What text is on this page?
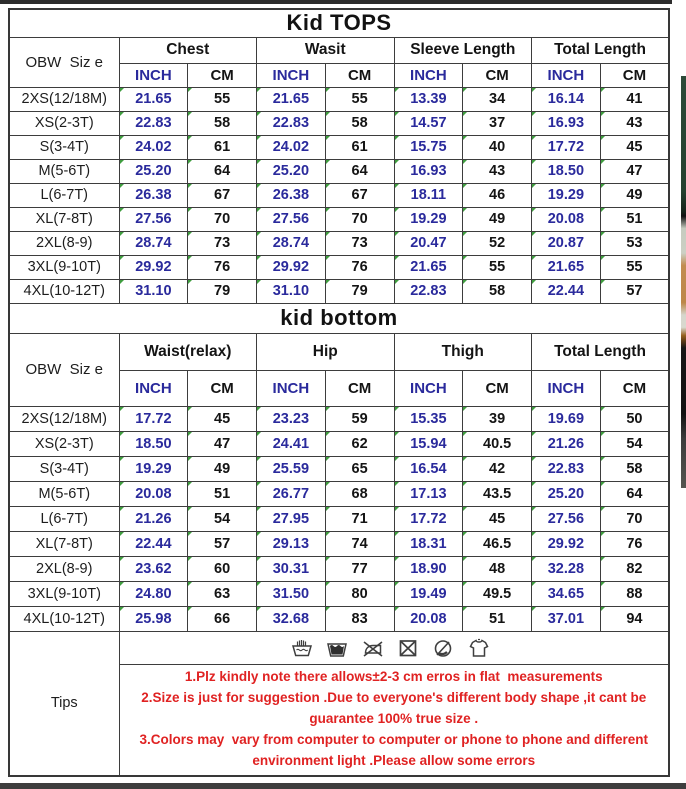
Kid TOPS								
OBW  Siz e	Chest		Wasit		Sleeve Length		Total Length	
	INCH	CM	INCH	CM	INCH	CM	INCH	CM
2XS(12/18M)	21.65	55	21.65	55	13.39	34	16.14	41
XS(2-3T)	22.83	58	22.83	58	14.57	37	16.93	43
S(3-4T)	24.02	61	24.02	61	15.75	40	17.72	45
M(5-6T)	25.20	64	25.20	64	16.93	43	18.50	47
L(6-7T)	26.38	67	26.38	67	18.11	46	19.29	49
XL(7-8T)	27.56	70	27.56	70	19.29	49	20.08	51
2XL(8-9)	28.74	73	28.74	73	20.47	52	20.87	53
3XL(9-10T)	29.92	76	29.92	76	21.65	55	21.65	55
4XL(10-12T)	31.10	79	31.10	79	22.83	58	22.44	57
kid bottom								
OBW  Siz e	Waist(relax)		Hip		Thigh		Total Length	
	INCH	CM	INCH	CM	INCH	CM	INCH	CM
2XS(12/18M)	17.72	45	23.23	59	15.35	39	19.69	50
XS(2-3T)	18.50	47	24.41	62	15.94	40.5	21.26	54
S(3-4T)	19.29	49	25.59	65	16.54	42	22.83	58
M(5-6T)	20.08	51	26.77	68	17.13	43.5	25.20	64
L(6-7T)	21.26	54	27.95	71	17.72	45	27.56	70
XL(7-8T)	22.44	57	29.13	74	18.31	46.5	29.92	76
2XL(8-9)	23.62	60	30.31	77	18.90	48	32.28	82
3XL(9-10T)	24.80	63	31.50	80	19.49	49.5	34.65	88
4XL(10-12T)	25.98	66	32.68	83	20.08	51	37.01	94
Tips	

	1.Plz kindly note there allows±2-3 cm erros in flat  measurements
2.Size is just for suggestion .Due to everyone's different body shape ,it cant be guarantee 100% true size .
3.Colors may  vary from computer to computer or phone to phone and different environment light .Please allow some errors							
